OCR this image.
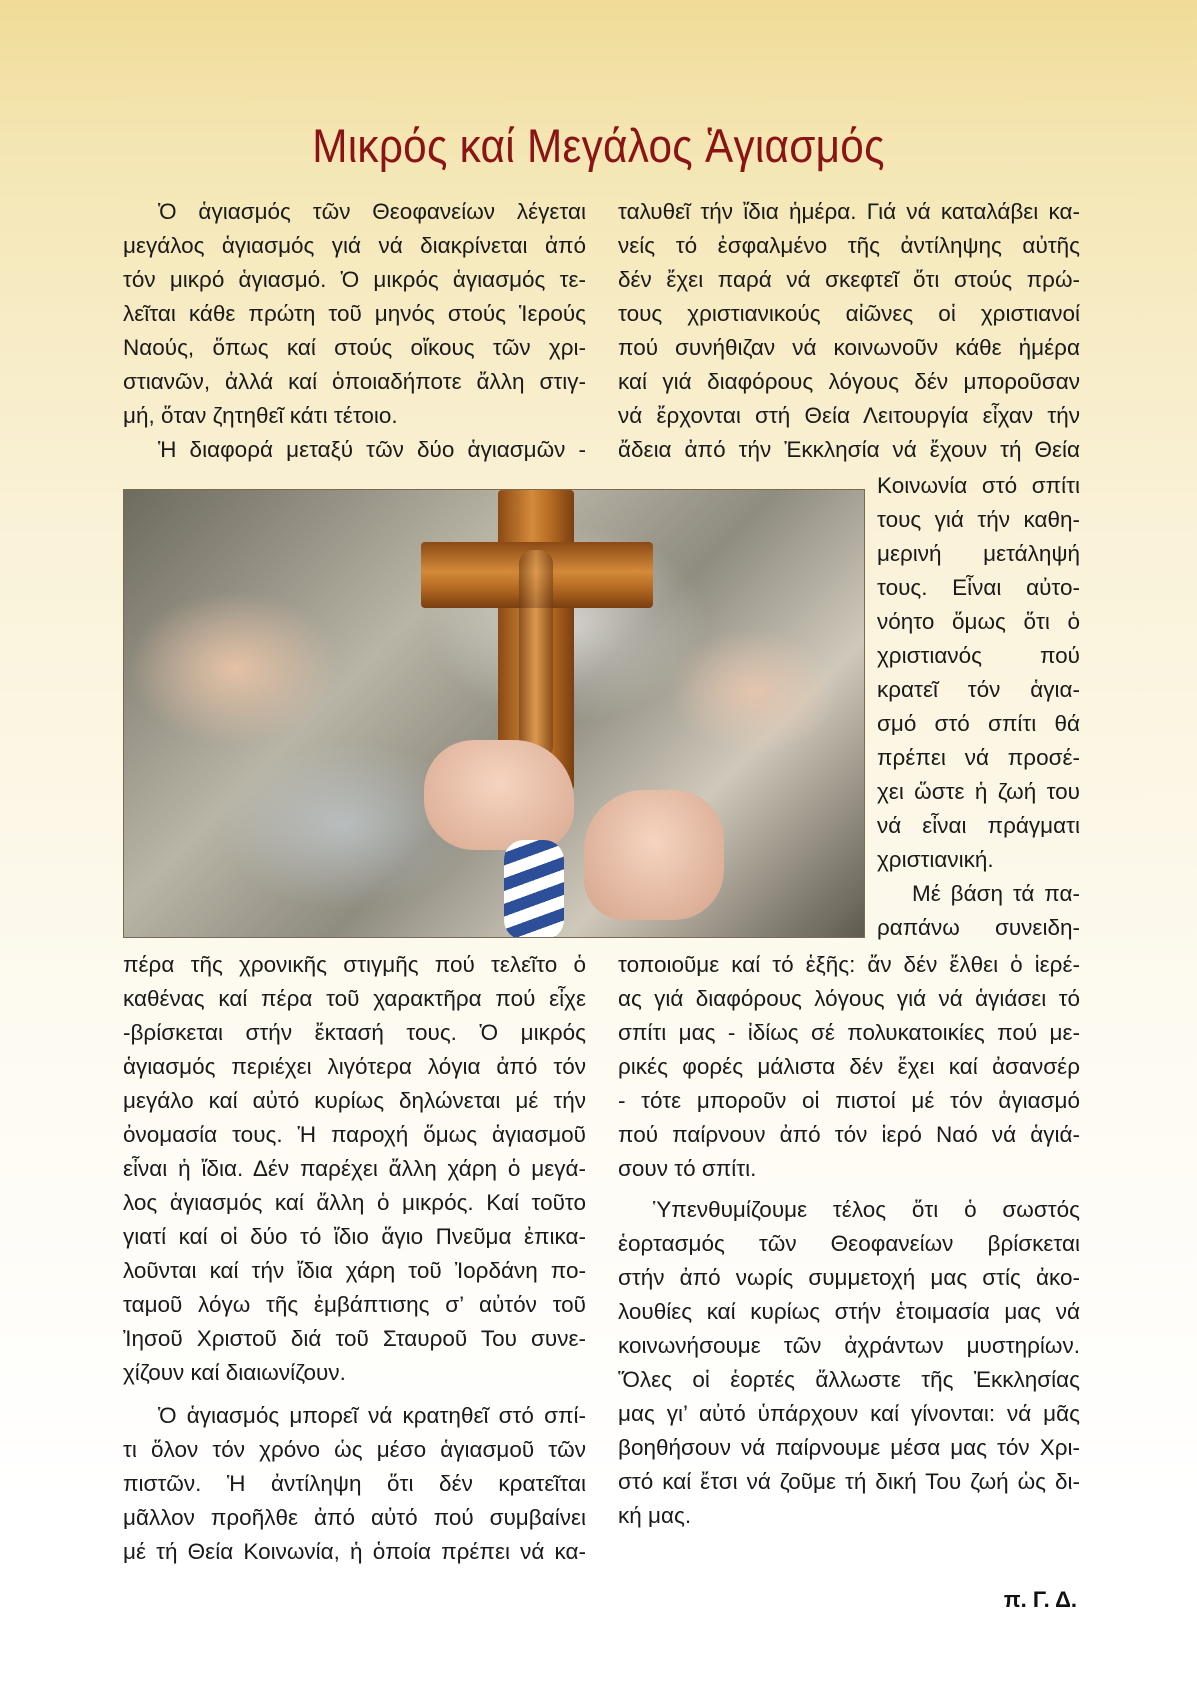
Μικρός καί Μεγάλος Ἁγιασμός
Ὁ ἁγιασμός τῶν Θεοφανείων λέγεται
μεγάλος ἁγιασμός γιά νά διακρίνεται ἀπό
τόν μικρό ἁγιασμό. Ὁ μικρός ἁγιασμός τε-
λεῖται κάθε πρώτη τοῦ μηνός στούς Ἱερούς
Ναούς, ὅπως καί στούς οἴκους τῶν χρι-
στιανῶν, ἀλλά καί ὁποιαδήποτε ἄλλη στιγ-
μή, ὅταν ζητηθεῖ κάτι τέτοιο.
Ἡ διαφορά μεταξύ τῶν δύο ἁγιασμῶν -
ταλυθεῖ τήν ἴδια ἡμέρα. Γιά νά καταλάβει κα-
νείς τό ἐσφαλμένο τῆς ἀντίληψης αὐτῆς
δέν ἔχει παρά νά σκεφτεῖ ὅτι στούς πρώ-
τους χριστιανικούς αἰῶνες οἱ χριστιανοί
πού συνήθιζαν νά κοινωνοῦν κάθε ἡμέρα
καί γιά διαφόρους λόγους δέν μποροῦσαν
νά ἔρχονται στή Θεία Λειτουργία εἶχαν τήν
ἄδεια ἀπό τήν Ἐκκλησία νά ἔχουν τή Θεία
Κοινωνία στό σπίτι
τους γιά τήν καθη-
μερινή μετάληψή
τους. Εἶναι αὐτο-
νόητο ὅμως ὅτι ὁ
χριστιανός πού
κρατεῖ τόν ἁγια-
σμό στό σπίτι θά
πρέπει νά προσέ-
χει ὥστε ἡ ζωή του
νά εἶναι πράγματι
χριστιανική.
Μέ βάση τά πα-
ραπάνω συνειδη-
πέρα τῆς χρονικῆς στιγμῆς πού τελεῖτο ὁ
καθένας καί πέρα τοῦ χαρακτῆρα πού εἶχε
-βρίσκεται στήν ἔκτασή τους. Ὁ μικρός
ἁγιασμός περιέχει λιγότερα λόγια ἀπό τόν
μεγάλο καί αὐτό κυρίως δηλώνεται μέ τήν
ὀνομασία τους. Ἡ παροχή ὅμως ἁγιασμοῦ
εἶναι ἡ ἴδια. Δέν παρέχει ἄλλη χάρη ὁ μεγά-
λος ἁγιασμός καί ἄλλη ὁ μικρός. Καί τοῦτο
γιατί καί οἱ δύο τό ἴδιο ἅγιο Πνεῦμα ἐπικα-
λοῦνται καί τήν ἴδια χάρη τοῦ Ἰορδάνη πο-
ταμοῦ λόγω τῆς ἐμβάπτισης σ’ αὐτόν τοῦ
Ἰησοῦ Χριστοῦ διά τοῦ Σταυροῦ Του συνε-
χίζουν καί διαιωνίζουν.
Ὁ ἁγιασμός μπορεῖ νά κρατηθεῖ στό σπί-
τι ὅλον τόν χρόνο ὡς μέσο ἁγιασμοῦ τῶν
πιστῶν. Ἡ ἀντίληψη ὅτι δέν κρατεῖται
μᾶλλον προῆλθε ἀπό αὐτό πού συμβαίνει
μέ τή Θεία Κοινωνία, ἡ ὁποία πρέπει νά κα-
τοποιοῦμε καί τό ἑξῆς: ἄν δέν ἔλθει ὁ ἱερέ-
ας γιά διαφόρους λόγους γιά νά ἁγιάσει τό
σπίτι μας - ἰδίως σέ πολυκατοικίες πού με-
ρικές φορές μάλιστα δέν ἔχει καί ἀσανσέρ
- τότε μποροῦν οἱ πιστοί μέ τόν ἁγιασμό
πού παίρνουν ἀπό τόν ἱερό Ναό νά ἁγιά-
σουν τό σπίτι.
Ὑπενθυμίζουμε τέλος ὅτι ὁ σωστός
ἑορτασμός τῶν Θεοφανείων βρίσκεται
στήν ἀπό νωρίς συμμετοχή μας στίς ἀκο-
λουθίες καί κυρίως στήν ἑτοιμασία μας νά
κοινωνήσουμε τῶν ἀχράντων μυστηρίων.
Ὅλες οἱ ἑορτές ἄλλωστε τῆς Ἐκκλησίας
μας γι’ αὐτό ὑπάρχουν καί γίνονται: νά μᾶς
βοηθήσουν νά παίρνουμε μέσα μας τόν Χρι-
στό καί ἔτσι νά ζοῦμε τή δική Του ζωή ὡς δι-
κή μας.
π. Γ. Δ.
